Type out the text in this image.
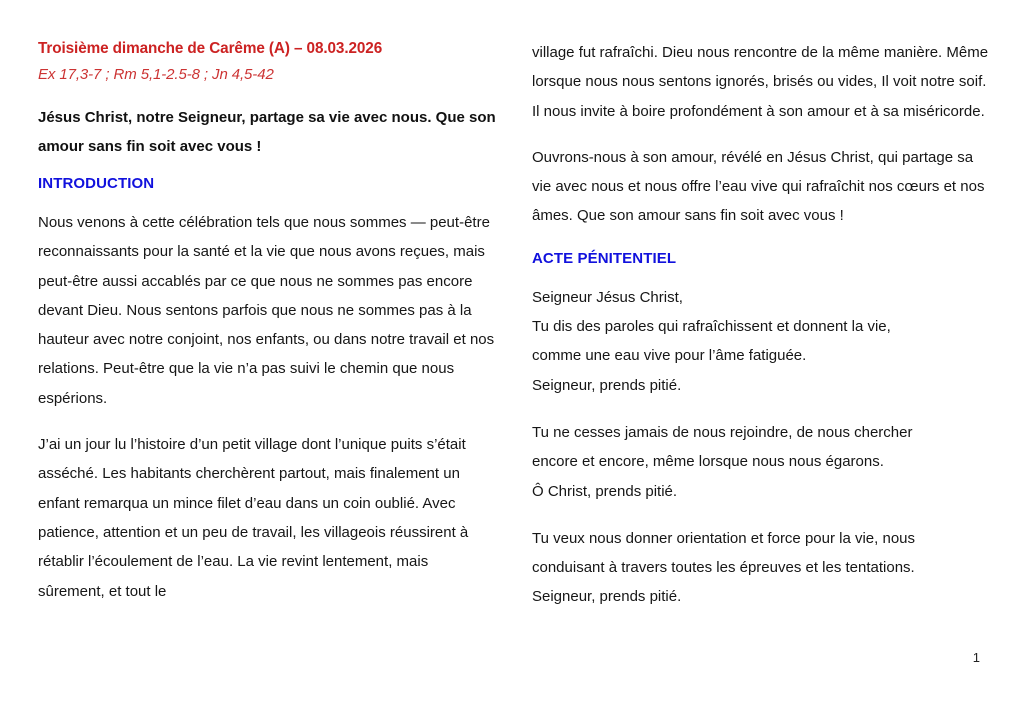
Troisième dimanche de Carême (A) – 08.03.2026

Ex 17,3-7 ; Rm 5,1-2.5-8 ; Jn 4,5-42

Jésus Christ, notre Seigneur, partage sa vie avec nous. Que son amour sans fin soit avec vous !

INTRODUCTION

Nous venons à cette célébration tels que nous sommes — peut-être reconnaissants pour la santé et la vie que nous avons reçues, mais peut-être aussi accablés par ce que nous ne sommes pas encore devant Dieu. Nous sentons parfois que nous ne sommes pas à la hauteur avec notre conjoint, nos enfants, ou dans notre travail et nos relations. Peut-être que la vie n’a pas suivi le chemin que nous espérions.

J’ai un jour lu l’histoire d’un petit village dont l’unique puits s’était asséché. Les habitants cherchèrent partout, mais finalement un enfant remarqua un mince filet d’eau dans un coin oublié. Avec patience, attention et un peu de travail, les villageois réussirent à rétablir l’écoulement de l’eau. La vie revint lentement, mais sûrement, et tout le

village fut rafraîchi. Dieu nous rencontre de la même manière. Même lorsque nous nous sentons ignorés, brisés ou vides, Il voit notre soif. Il nous invite à boire profondément à son amour et à sa miséricorde.

Ouvrons-nous à son amour, révélé en Jésus Christ, qui partage sa vie avec nous et nous offre l’eau vive qui rafraîchit nos cœurs et nos âmes. Que son amour sans fin soit avec vous !

ACTE PÉNITENTIEL
Seigneur Jésus Christ,
Tu dis des paroles qui rafraîchissent et donnent la vie,
comme une eau vive pour l’âme fatiguée.
Seigneur, prends pitié.
Tu ne cesses jamais de nous rejoindre, de nous chercher
encore et encore, même lorsque nous nous égarons.
Ô Christ, prends pitié.
Tu veux nous donner orientation et force pour la vie, nous
conduisant à travers toutes les épreuves et les tentations.
Seigneur, prends pitié.
1
